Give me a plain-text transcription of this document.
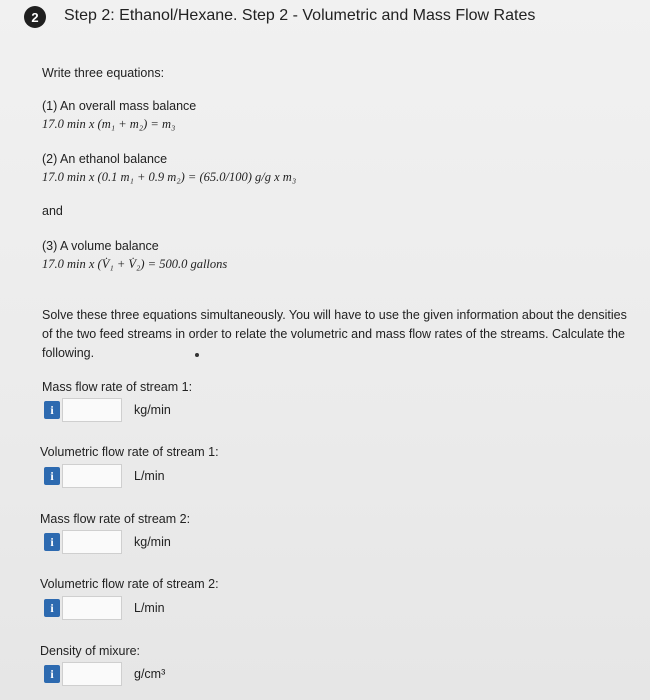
2	Step 2: Ethanol/Hexane. Step 2 - Volumetric and Mass Flow Rates
Write three equations:
(1) An overall mass balance
17.0 min x (m₁ + m₂) = m₃
(2) An ethanol balance
17.0 min x (0.1 m₁ + 0.9 m₂) = (65.0/100) g/g x m₃
and
(3) A volume balance
17.0 min x (V̇₁ + V̇₂) = 500.0 gallons
Solve these three equations simultaneously. You will have to use the given information about the densities of the two feed streams in order to relate the volumetric and mass flow rates of the streams. Calculate the following.
Mass flow rate of stream 1:
i	kg/min
Volumetric flow rate of stream 1:
i	L/min
Mass flow rate of stream 2:
i	kg/min
Volumetric flow rate of stream 2:
i	L/min
Density of mixure:
i	g/cm³
